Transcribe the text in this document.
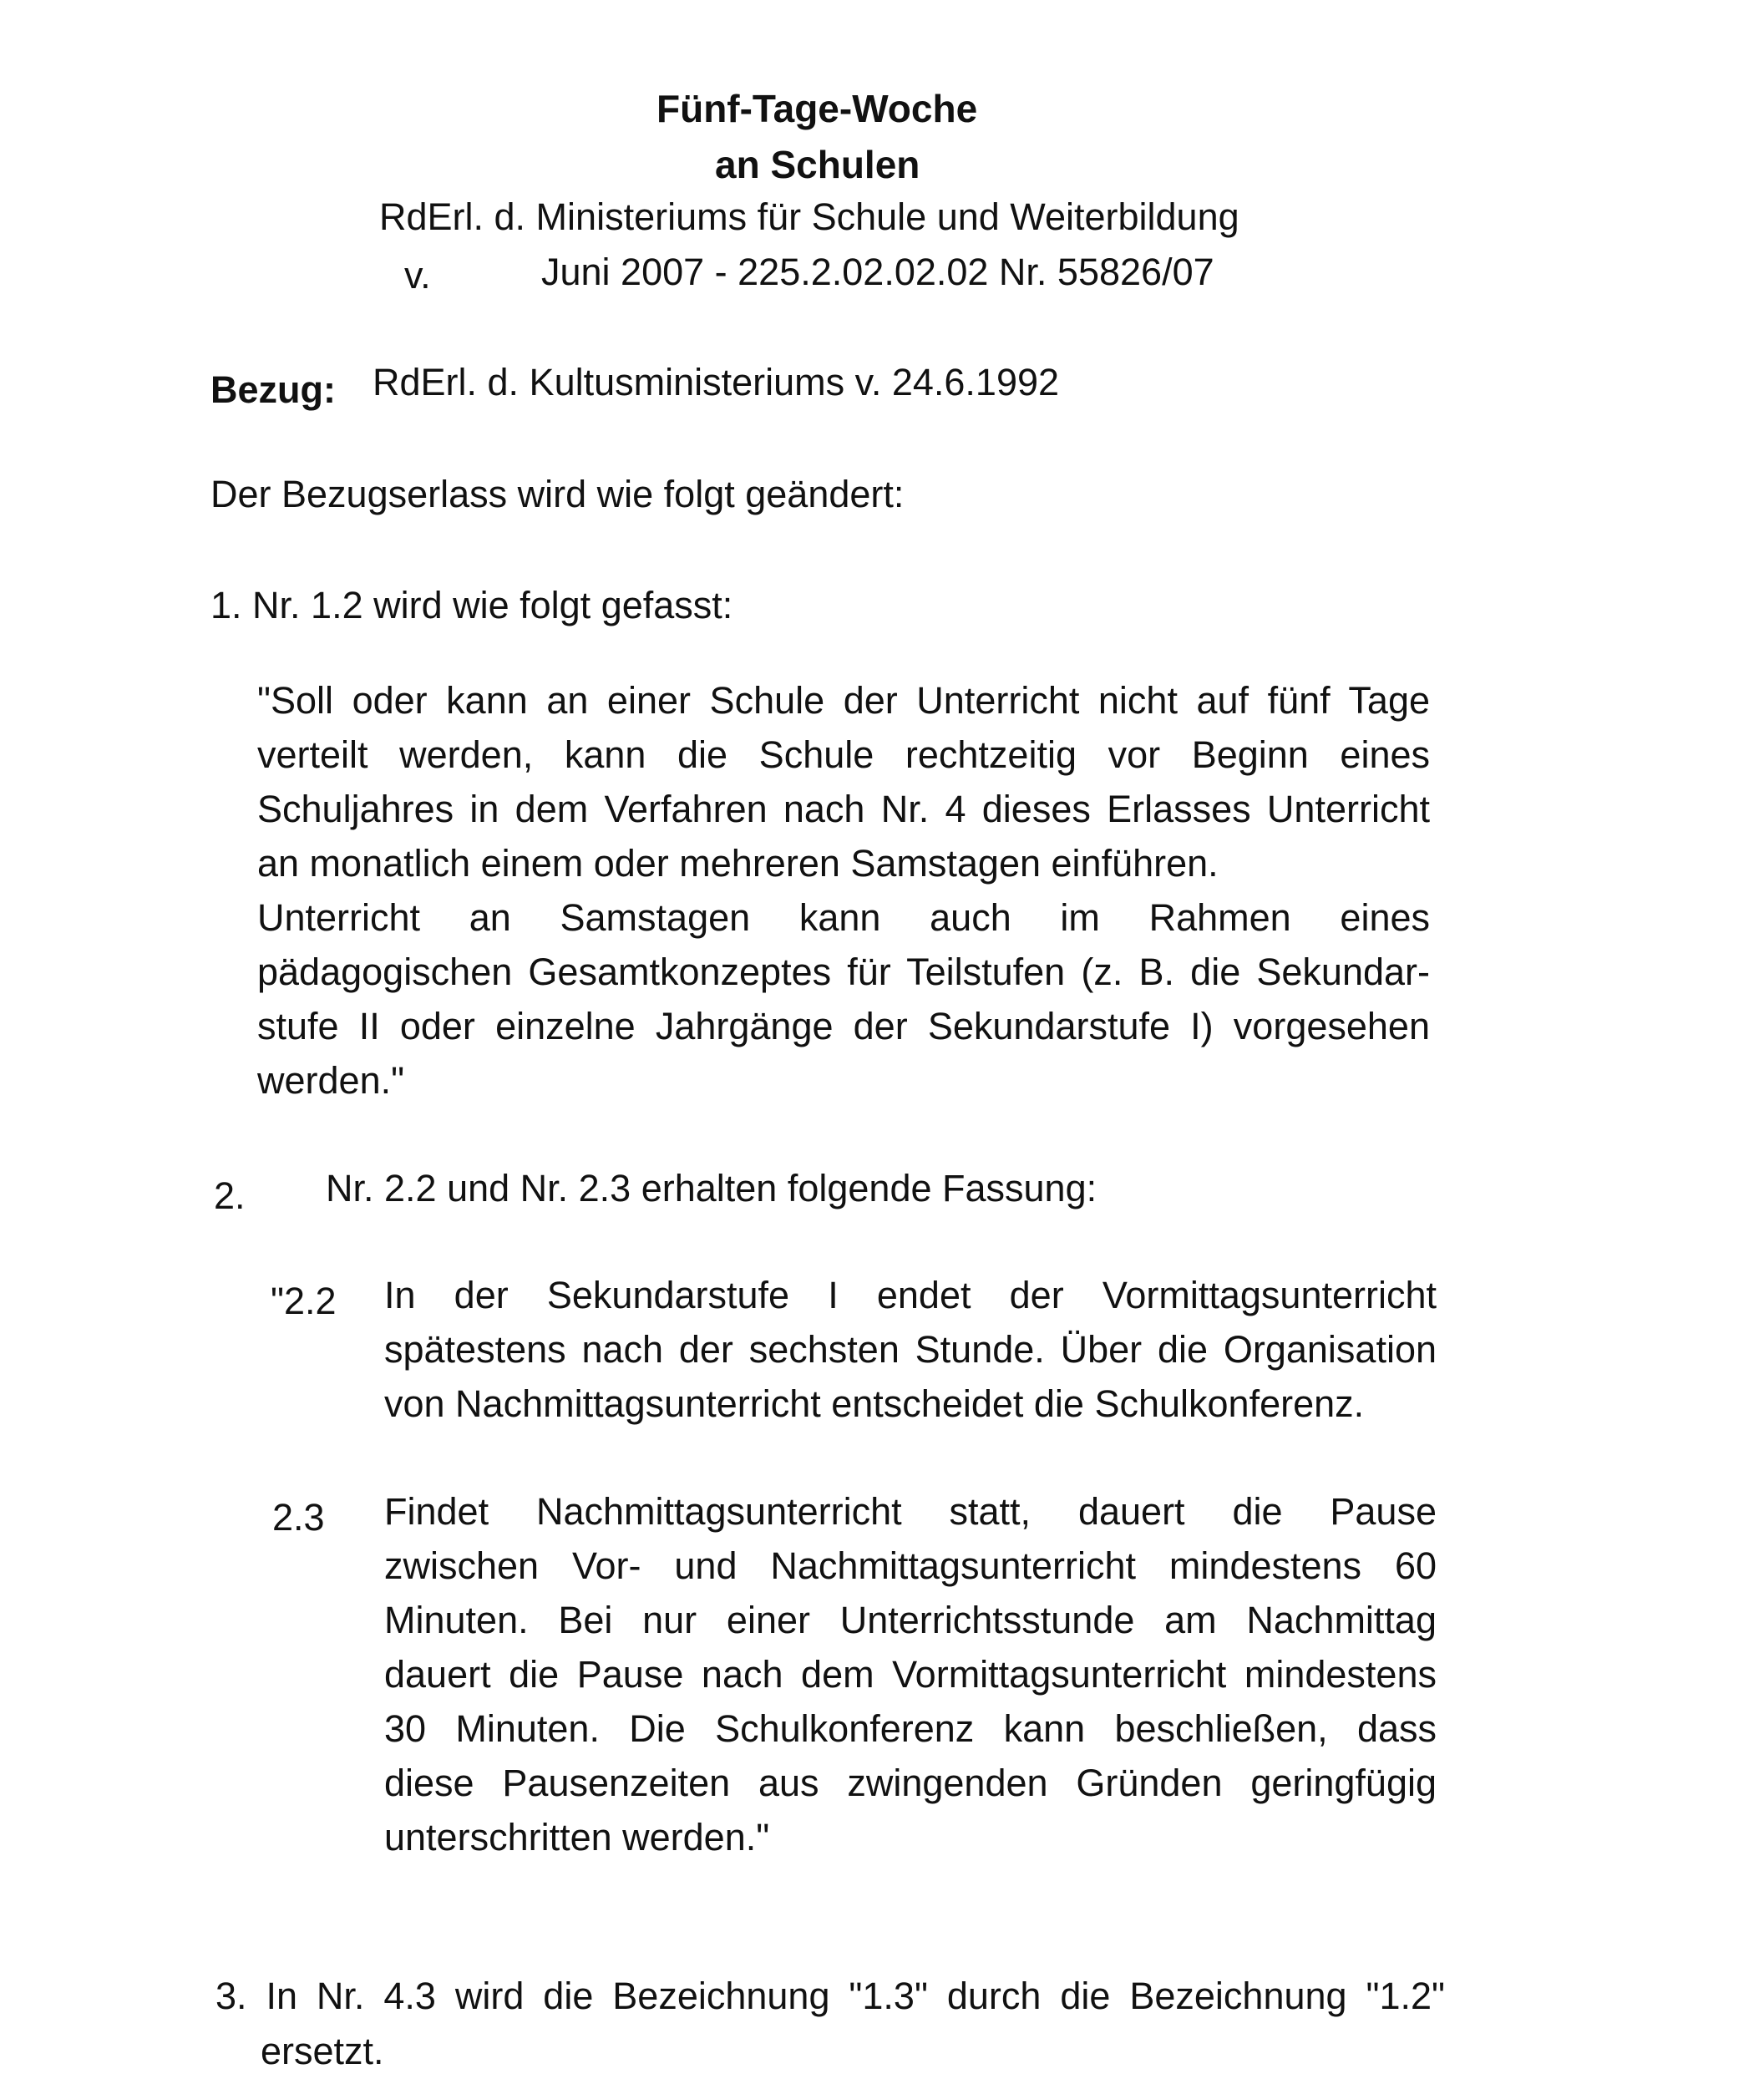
Fünf-Tage-Woche
an Schulen
RdErl. d. Ministeriums für Schule und Weiterbildung
v.	Juni 2007 - 225.2.02.02.02 Nr. 55826/07
Bezug: RdErl. d. Kultusministeriums v. 24.6.1992
Der Bezugserlass wird wie folgt geändert:
1. Nr. 1.2 wird wie folgt gefasst:
"Soll oder kann an einer Schule der Unterricht nicht auf fünf Tage
verteilt werden, kann die Schule rechtzeitig vor Beginn eines
Schuljahres in dem Verfahren nach Nr. 4 dieses Erlasses Unterricht
an monatlich einem oder mehreren Samstagen einführen.
Unterricht an Samstagen kann auch im Rahmen eines
pädagogischen Gesamtkonzeptes für Teilstufen (z. B. die Sekundar-
stufe II oder einzelne Jahrgänge der Sekundarstufe I) vorgesehen
werden."
2. Nr. 2.2 und Nr. 2.3 erhalten folgende Fassung:
"2.2 In der Sekundarstufe I endet der Vormittagsunterricht
spätestens nach der sechsten Stunde. Über die Organisation
von Nachmittagsunterricht entscheidet die Schulkonferenz.
2.3 Findet Nachmittagsunterricht statt, dauert die Pause
zwischen Vor- und Nachmittagsunterricht mindestens 60
Minuten. Bei nur einer Unterrichtsstunde am Nachmittag
dauert die Pause nach dem Vormittagsunterricht mindestens
30 Minuten. Die Schulkonferenz kann beschließen, dass
diese Pausenzeiten aus zwingenden Gründen geringfügig
unterschritten werden."
3. In Nr. 4.3 wird die Bezeichnung "1.3" durch die Bezeichnung "1.2"
ersetzt.
